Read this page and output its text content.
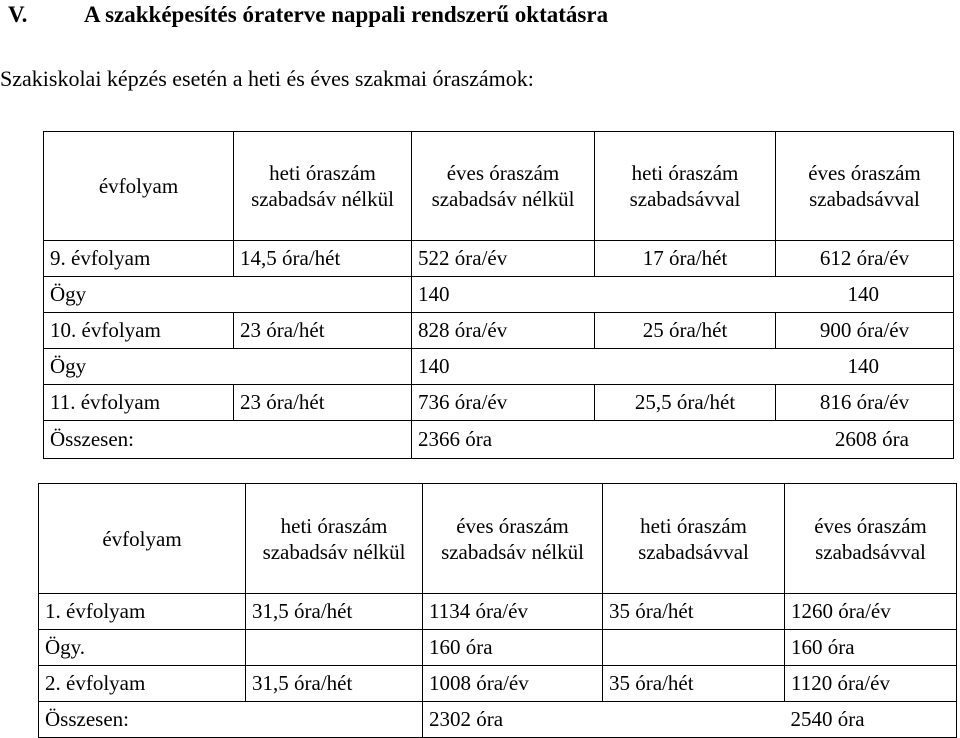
V. A szakképesítés óraterve nappali rendszerű oktatásra

Szakiskolai képzés esetén a heti és éves szakmai óraszámok:

évfolyam	heti óraszám szabadsáv nélkül	éves óraszám szabadsáv nélkül	heti óraszám szabadsávval	éves óraszám szabadsávval
9. évfolyam	14,5 óra/hét	522 óra/év	17 óra/hét	612 óra/év
Ögy		140		140
10. évfolyam	23 óra/hét	828 óra/év	25 óra/hét	900 óra/év
Ögy		140		140
11. évfolyam	23 óra/hét	736 óra/év	25,5 óra/hét	816 óra/év
Összesen:		2366 óra		2608 óra
évfolyam	heti óraszám szabadsáv nélkül	éves óraszám szabadsáv nélkül	heti óraszám szabadsávval	éves óraszám szabadsávval
1. évfolyam	31,5 óra/hét	1134 óra/év	35 óra/hét	1260 óra/év
Ögy.		160 óra		160 óra
2. évfolyam	31,5 óra/hét	1008 óra/év	35 óra/hét	1120 óra/év
Összesen:		2302 óra		2540 óra
